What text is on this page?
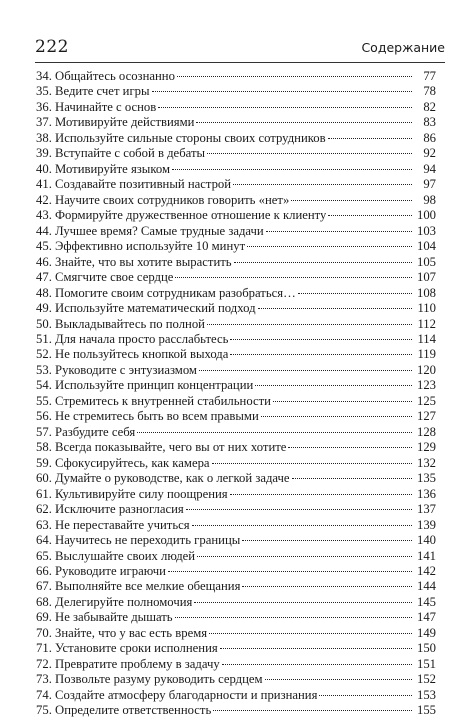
222	Содержание
34. Общайтесь осознанно	77
35. Ведите счет игры	78
36. Начинайте с основ	82
37. Мотивируйте действиями	83
38. Используйте сильные стороны своих сотрудников	86
39. Вступайте с собой в дебаты	92
40. Мотивируйте языком	94
41. Создавайте позитивный настрой	97
42. Научите своих сотрудников говорить «нет»	98
43. Формируйте дружественное отношение к клиенту	100
44. Лучшее время? Самые трудные задачи	103
45. Эффективно используйте 10 минут	104
46. Знайте, что вы хотите вырастить	105
47. Смягчите свое сердце	107
48. Помогите своим сотрудникам разобраться…	108
49. Используйте математический подход	110
50. Выкладывайтесь по полной	112
51. Для начала просто расслабьтесь	114
52. Не пользуйтесь кнопкой выхода	119
53. Руководите с энтузиазмом	120
54. Используйте принцип концентрации	123
55. Стремитесь к внутренней стабильности	125
56. Не стремитесь быть во всем правыми	127
57. Разбудите себя	128
58. Всегда показывайте, чего вы от них хотите	129
59. Сфокусируйтесь, как камера	132
60. Думайте о руководстве, как о легкой задаче	135
61. Культивируйте силу поощрения	136
62. Исключите разногласия	137
63. Не переставайте учиться	139
64. Научитесь не переходить границы	140
65. Выслушайте своих людей	141
66. Руководите играючи	142
67. Выполняйте все мелкие обещания	144
68. Делегируйте полномочия	145
69. Не забывайте дышать	147
70. Знайте, что у вас есть время	149
71. Установите сроки исполнения	150
72. Превратите проблему в задачу	151
73. Позвольте разуму руководить сердцем	152
74. Создайте атмосферу благодарности и признания	153
75. Определите ответственность	155
